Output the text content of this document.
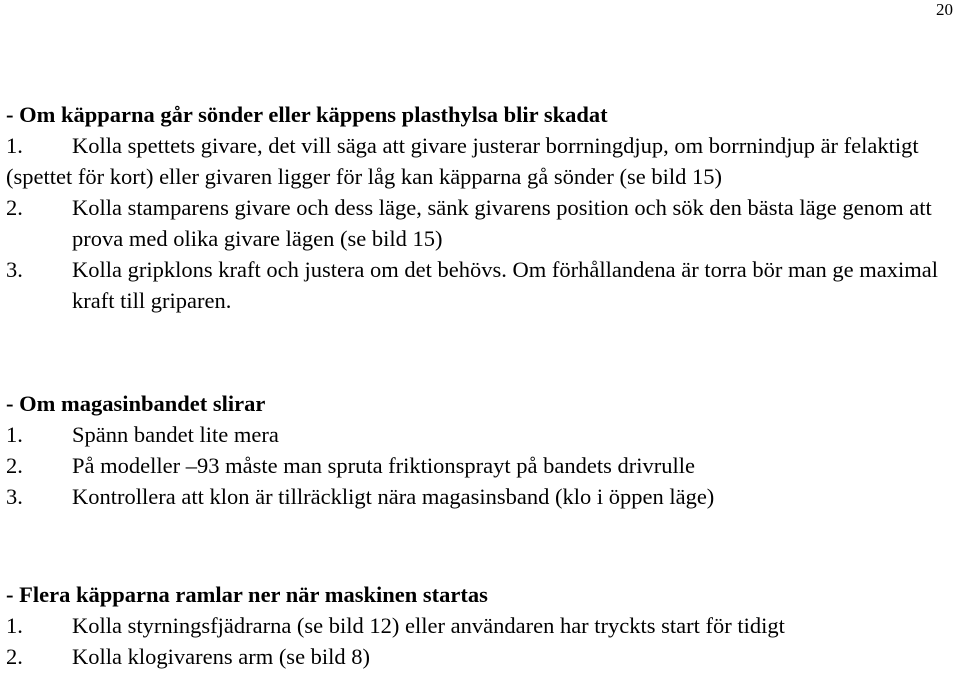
20
- Om käpparna går sönder eller käppens plasthylsa blir skadat
1. Kolla spettets givare, det vill säga att givare justerar borrningdjup, om borrnindjup är felaktigt (spettet för kort) eller givaren ligger för låg kan käpparna gå sönder (se bild 15)
2.	Kolla stamparens givare och dess läge, sänk givarens position och sök den bästa läge genom att prova med olika givare lägen (se bild 15)
3.	Kolla gripklons kraft och justera om det behövs. Om förhållandena är torra bör man ge maximal kraft till griparen.
- Om magasinbandet slirar
1.	Spänn bandet lite mera
2.	På modeller –93 måste man spruta friktionsprayt på bandets drivrulle
3.	Kontrollera att klon är tillräckligt nära magasinsband (klo i öppen läge)
- Flera käpparna ramlar ner när maskinen startas
1.	Kolla styrningsfjädrarna (se bild 12) eller användaren har tryckts start för tidigt
2.	Kolla klogivarens arm (se bild 8)
